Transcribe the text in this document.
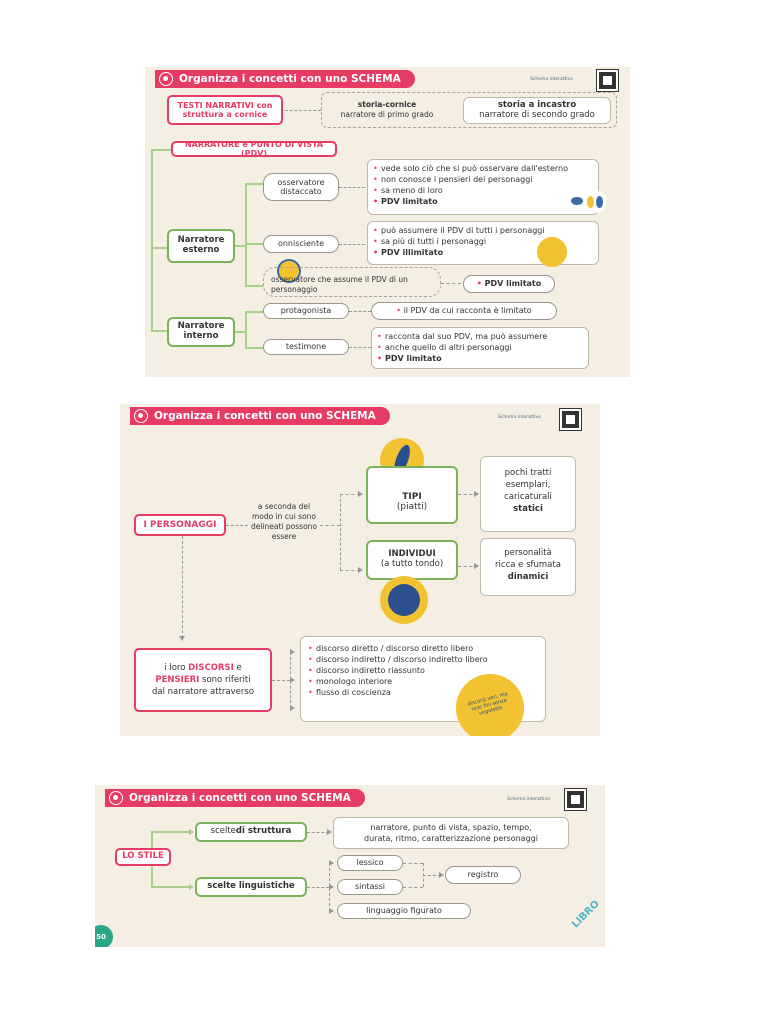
Organizza i concetti con uno SCHEMA	Schema interattivo
TESTI NARRATIVI con struttura a cornice
storia-cornice
narratore di primo grado
storia a incastro
narratore di secondo grado
NARRATORE e PUNTO DI VISTA (PDV)
Narratore esterno
Narratore interno
osservatore distaccato
• vede solo ciò che si può osservare dall'esterno
• non conosce i pensieri dei personaggi
• sa meno di loro
• PDV limitato
onnisciente
• può assumere il PDV di tutti i personaggi
• sa più di tutti i personaggi
• PDV illimitato
osservatore che assume il PDV di un personaggio
• PDV limitato
protagonista	• il PDV da cui racconta è limitato
testimone
• racconta dal suo PDV, ma può assumere
• anche quello di altri personaggi
• PDV limitato
Organizza i concetti con uno SCHEMA	Schema interattivo
I PERSONAGGI
a seconda del modo in cui sono delineati possono essere
TIPI
(piatti)
pochi tratti
esemplari,
caricaturali
statici
INDIVIDUI
(a tutto tondo)
personalità
ricca e sfumata
dinamici
i loro DISCORSI e
PENSIERI sono riferiti
dal narratore attraverso
• discorso diretto / discorso diretto libero
• discorso indiretto / discorso indiretto libero
• discorso indiretto riassunto
• monologo interiore
• flusso di coscienza	discorsi veri, ma rese fini senza virgolette
Organizza i concetti con uno SCHEMA	Schema interattivo
LO STILE
scelte di struttura	narratore, punto di vista, spazio, tempo,
durata, ritmo, caratterizzazione personaggi
scelte linguistiche
lessico
sintassi
linguaggio figurato
registro
50
LIBRO
